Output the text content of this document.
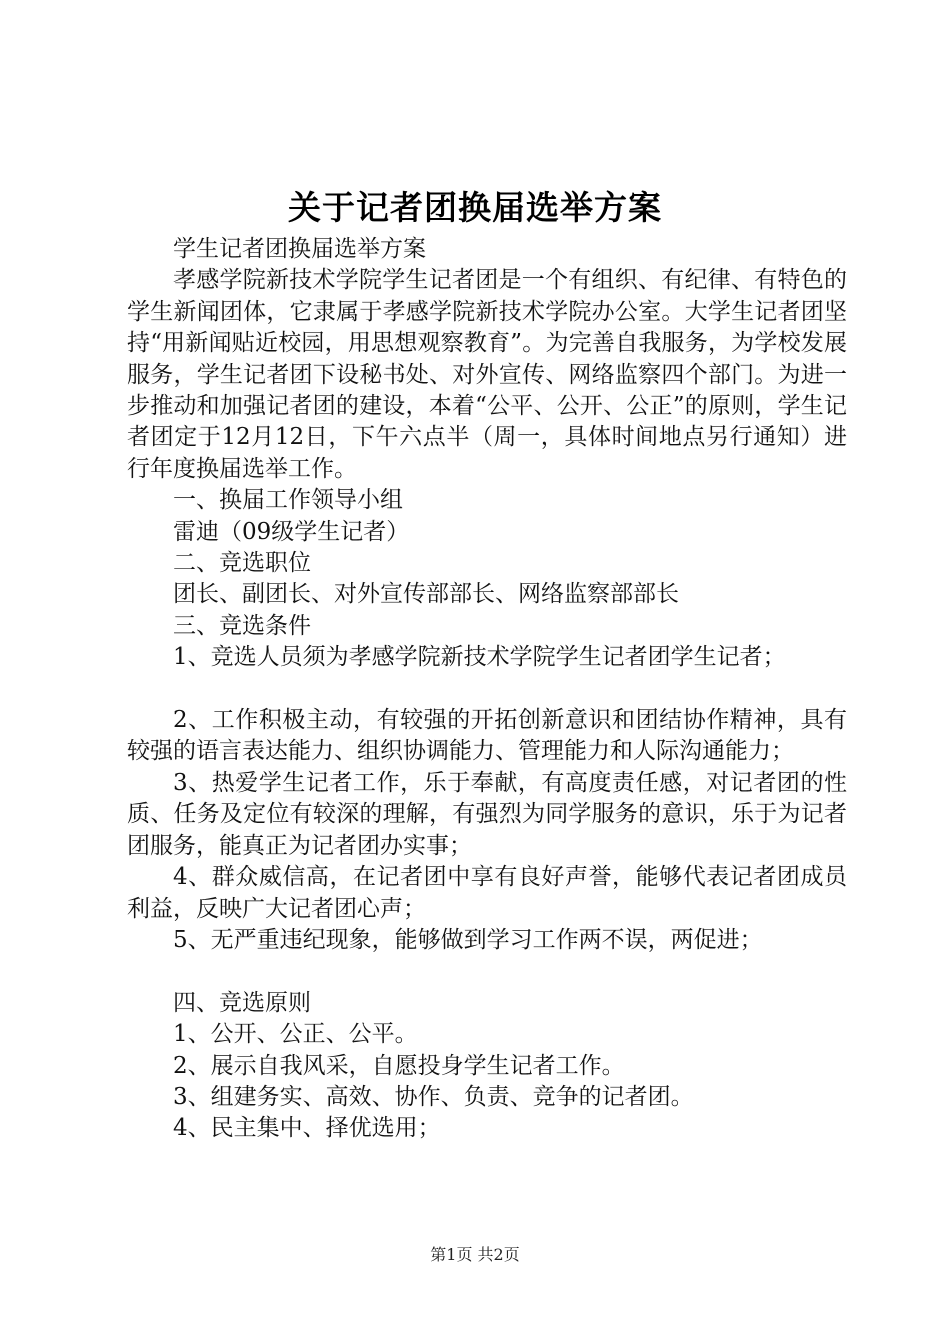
关于记者团换届选举方案

学生记者团换届选举方案

孝感学院新技术学院学生记者团是一个有组织、有纪律、有特色的学生新闻团体，它隶属于孝感学院新技术学院办公室。大学生记者团坚持“用新闻贴近校园，用思想观察教育”。为完善自我服务，为学校发展服务，学生记者团下设秘书处、对外宣传、网络监察四个部门。为进一步推动和加强记者团的建设，本着“公平、公开、公正”的原则，学生记者团定于12月12日，下午六点半（周一，具体时间地点另行通知）进行年度换届选举工作。

一、换届工作领导小组

雷迪（09级学生记者）

二、竞选职位

团长、副团长、对外宣传部部长、网络监察部部长

三、竞选条件

1、竞选人员须为孝感学院新技术学院学生记者团学生记者；

2、工作积极主动，有较强的开拓创新意识和团结协作精神，具有较强的语言表达能力、组织协调能力、管理能力和人际沟通能力；

3、热爱学生记者工作，乐于奉献，有高度责任感，对记者团的性质、任务及定位有较深的理解，有强烈为同学服务的意识，乐于为记者团服务，能真正为记者团办实事；

4、群众威信高，在记者团中享有良好声誉，能够代表记者团成员利益，反映广大记者团心声；

5、无严重违纪现象，能够做到学习工作两不误，两促进；

四、竞选原则

1、公开、公正、公平。

2、展示自我风采，自愿投身学生记者工作。

3、组建务实、高效、协作、负责、竞争的记者团。

4、民主集中、择优选用；

第1页 共2页
